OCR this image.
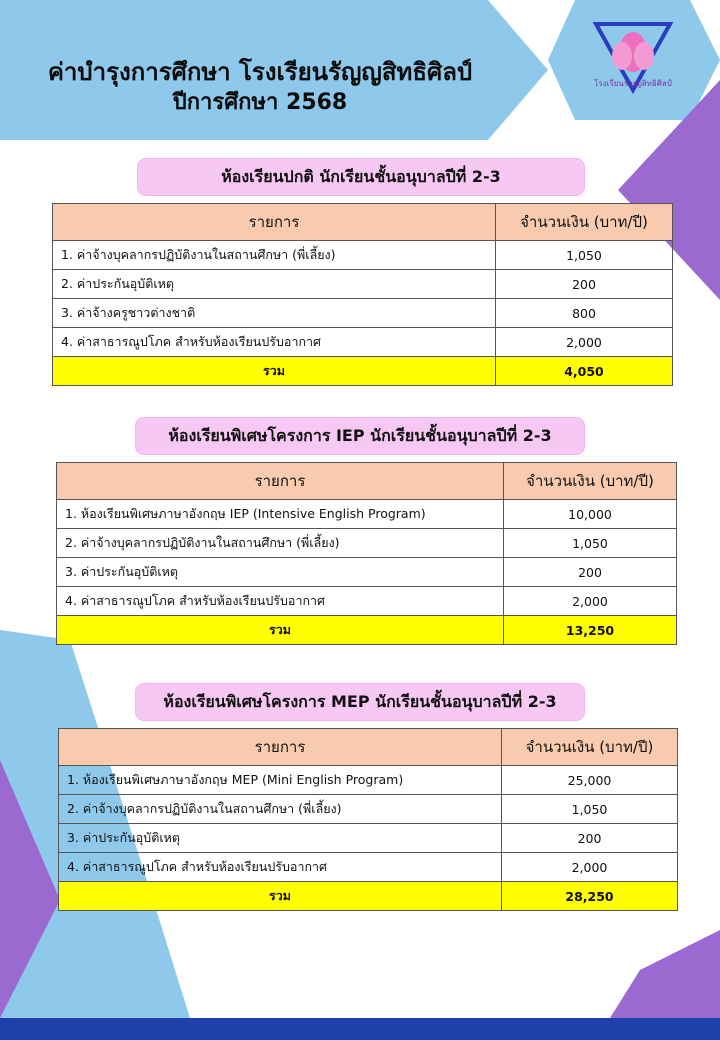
ค่าบำรุงการศึกษา โรงเรียนรัญญสิทธิศิลป์
ปีการศึกษา 2568
โรงเรียนรัญญสิทธิศิลป์
ห้องเรียนปกติ นักเรียนชั้นอนุบาลปีที่ 2-3
รายการ	จำนวนเงิน (บาท/ปี)
1. ค่าจ้างบุคลากรปฏิบัติงานในสถานศึกษา (พี่เลี้ยง)	1,050
2. ค่าประกันอุบัติเหตุ	200
3. ค่าจ้างครูชาวต่างชาติ	800
4. ค่าสาธารณูปโภค สำหรับห้องเรียนปรับอากาศ	2,000
รวม	4,050
ห้องเรียนพิเศษโครงการ IEP นักเรียนชั้นอนุบาลปีที่ 2-3
รายการ	จำนวนเงิน (บาท/ปี)
1. ห้องเรียนพิเศษภาษาอังกฤษ IEP (Intensive English Program)	10,000
2. ค่าจ้างบุคลากรปฏิบัติงานในสถานศึกษา (พี่เลี้ยง)	1,050
3. ค่าประกันอุบัติเหตุ	200
4. ค่าสาธารณูปโภค สำหรับห้องเรียนปรับอากาศ	2,000
รวม	13,250
ห้องเรียนพิเศษโครงการ MEP นักเรียนชั้นอนุบาลปีที่ 2-3
รายการ	จำนวนเงิน (บาท/ปี)
1. ห้องเรียนพิเศษภาษาอังกฤษ MEP (Mini English Program)	25,000
2. ค่าจ้างบุคลากรปฏิบัติงานในสถานศึกษา (พี่เลี้ยง)	1,050
3. ค่าประกันอุบัติเหตุ	200
4. ค่าสาธารณูปโภค สำหรับห้องเรียนปรับอากาศ	2,000
รวม	28,250
